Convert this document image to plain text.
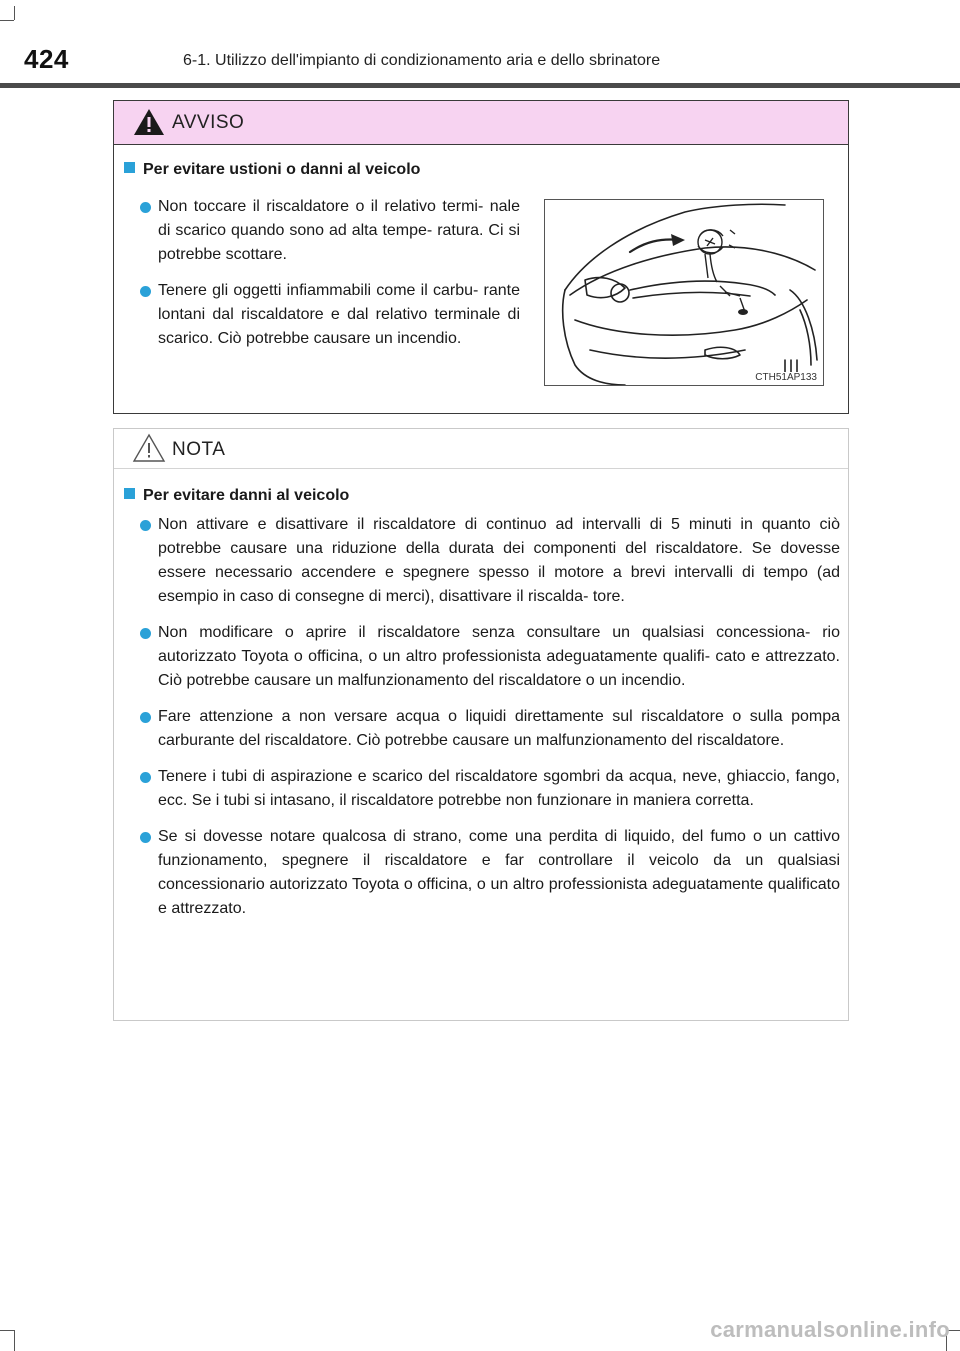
424	6-1. Utilizzo dell'impianto di condizionamento aria e dello sbrinatore
AVVISO
Per evitare ustioni o danni al veicolo
Non toccare il riscaldatore o il relativo termi- nale di scarico quando sono ad alta tempe- ratura. Ci si potrebbe scottare.
Tenere gli oggetti infiammabili come il carbu- rante lontani dal riscaldatore e dal relativo terminale di scarico. Ciò potrebbe causare un incendio.
CTH51AP133
NOTA
Per evitare danni al veicolo
Non attivare e disattivare il riscaldatore di continuo ad intervalli di 5 minuti in quanto ciò potrebbe causare una riduzione della durata dei componenti del riscaldatore. Se dovesse essere necessario accendere e spegnere spesso il motore a brevi intervalli di tempo (ad esempio in caso di consegne di merci), disattivare il riscalda- tore.
Non modificare o aprire il riscaldatore senza consultare un qualsiasi concessiona- rio autorizzato Toyota o officina, o un altro professionista adeguatamente qualifi- cato e attrezzato. Ciò potrebbe causare un malfunzionamento del riscaldatore o un incendio.
Fare attenzione a non versare acqua o liquidi direttamente sul riscaldatore o sulla pompa carburante del riscaldatore. Ciò potrebbe causare un malfunzionamento del riscaldatore.
Tenere i tubi di aspirazione e scarico del riscaldatore sgombri da acqua, neve, ghiaccio, fango, ecc. Se i tubi si intasano, il riscaldatore potrebbe non funzionare in maniera corretta.
Se si dovesse notare qualcosa di strano, come una perdita di liquido, del fumo o un cattivo funzionamento, spegnere il riscaldatore e far controllare il veicolo da un qualsiasi concessionario autorizzato Toyota o officina, o un altro professionista adeguatamente qualificato e attrezzato.
carmanualsonline.info
